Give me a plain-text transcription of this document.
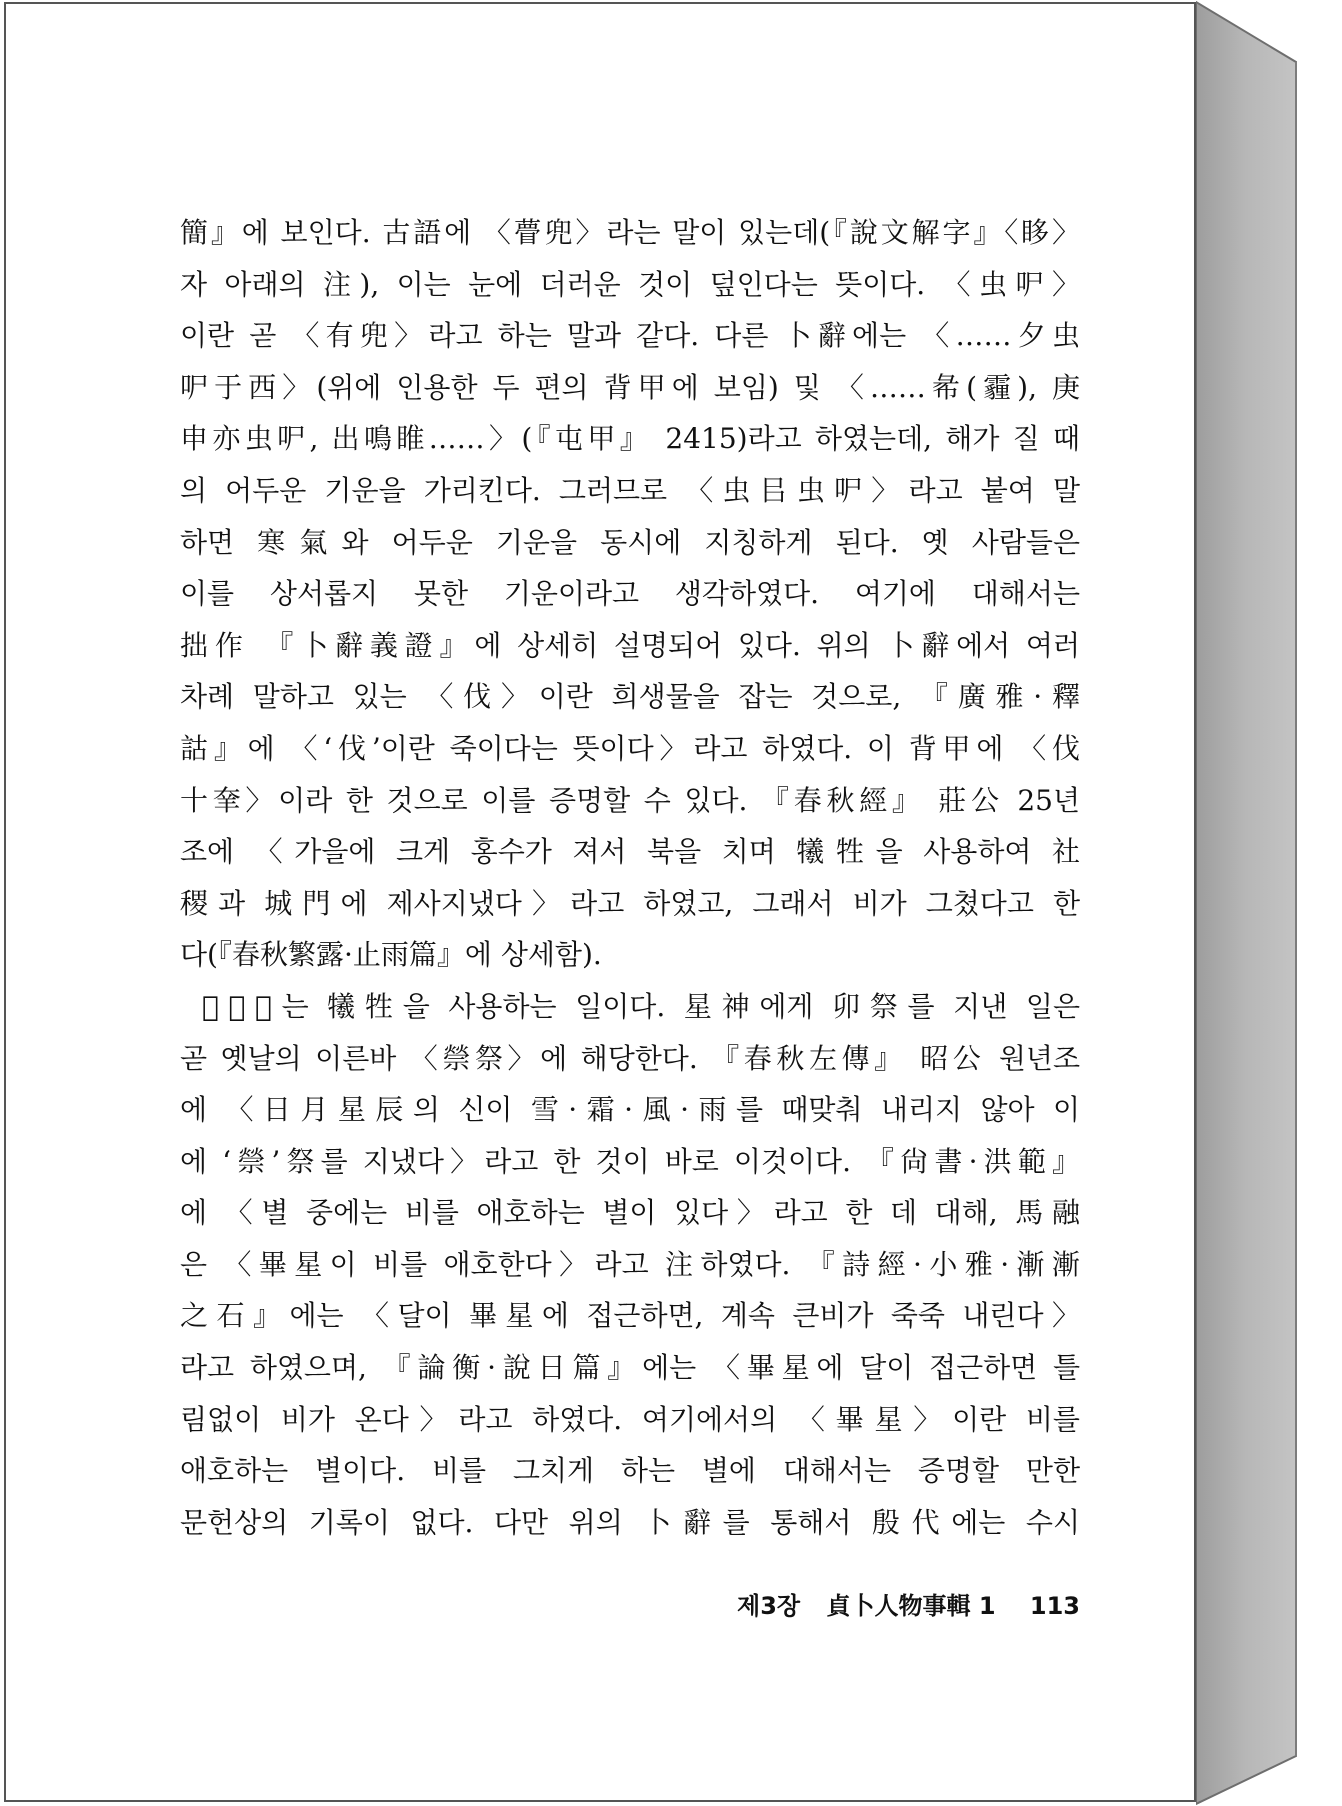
簡』에 보인다. 古語에 〈瞢兜〉라는 말이 있는데(『說文解字』〈眵〉
자 아래의 注), 이는 눈에 더러운 것이 덮인다는 뜻이다. 〈虫㕧〉
이란 곧 〈有兜〉라고 하는 말과 같다. 다른 卜辭에는 〈……夕虫
㕧于西〉(위에 인용한 두 편의 背甲에 보임) 및 〈……㣇(霾), 庚
申亦虫㕧, 出鳴睢……〉(『屯甲』 2415)라고 하였는데, 해가 질 때
의 어두운 기운을 가리킨다. 그러므로 〈虫㠯虫㕧〉라고 붙여 말
하면 寒氣와 어두운 기운을 동시에 지칭하게 된다. 옛 사람들은
이를 상서롭지 못한 기운이라고 생각하였다. 여기에 대해서는
拙作 『卜辭義證』에 상세히 설명되어 있다. 위의 卜辭에서 여러
차례 말하고 있는 〈伐〉이란 희생물을 잡는 것으로, 『廣雅·釋
詁』에 〈‘伐’이란 죽이다는 뜻이다〉라고 하였다. 이 背甲에 〈伐
十羍〉이라 한 것으로 이를 증명할 수 있다. 『春秋經』 莊公 25년
조에 〈가을에 크게 홍수가 져서 북을 치며 犧牲을 사용하여 社
稷과 城門에 제사지냈다〉라고 하였고, 그래서 비가 그쳤다고 한
다(『春秋繁露·止雨篇』에 상세함).
〈𢿋〉는 犧牲을 사용하는 일이다. 星神에게 卯祭를 지낸 일은
곧 옛날의 이른바 〈禜祭〉에 해당한다. 『春秋左傳』 昭公 원년조
에 〈日月星辰의 신이 雪·霜·風·雨를 때맞춰 내리지 않아 이
에 ‘禜’祭를 지냈다〉라고 한 것이 바로 이것이다. 『尙書·洪範』
에 〈별 중에는 비를 애호하는 별이 있다〉라고 한 데 대해, 馬融
은 〈畢星이 비를 애호한다〉라고 注하였다. 『詩經·小雅·漸漸
之石』에는 〈달이 畢星에 접근하면, 계속 큰비가 죽죽 내린다〉
라고 하였으며, 『論衡·說日篇』에는 〈畢星에 달이 접근하면 틀
림없이 비가 온다〉라고 하였다. 여기에서의 〈畢星〉이란 비를
애호하는 별이다. 비를 그치게 하는 별에 대해서는 증명할 만한
문헌상의 기록이 없다. 다만 위의 卜辭를 통해서 殷代에는 수시
제3장 貞卜人物事輯 1 113
